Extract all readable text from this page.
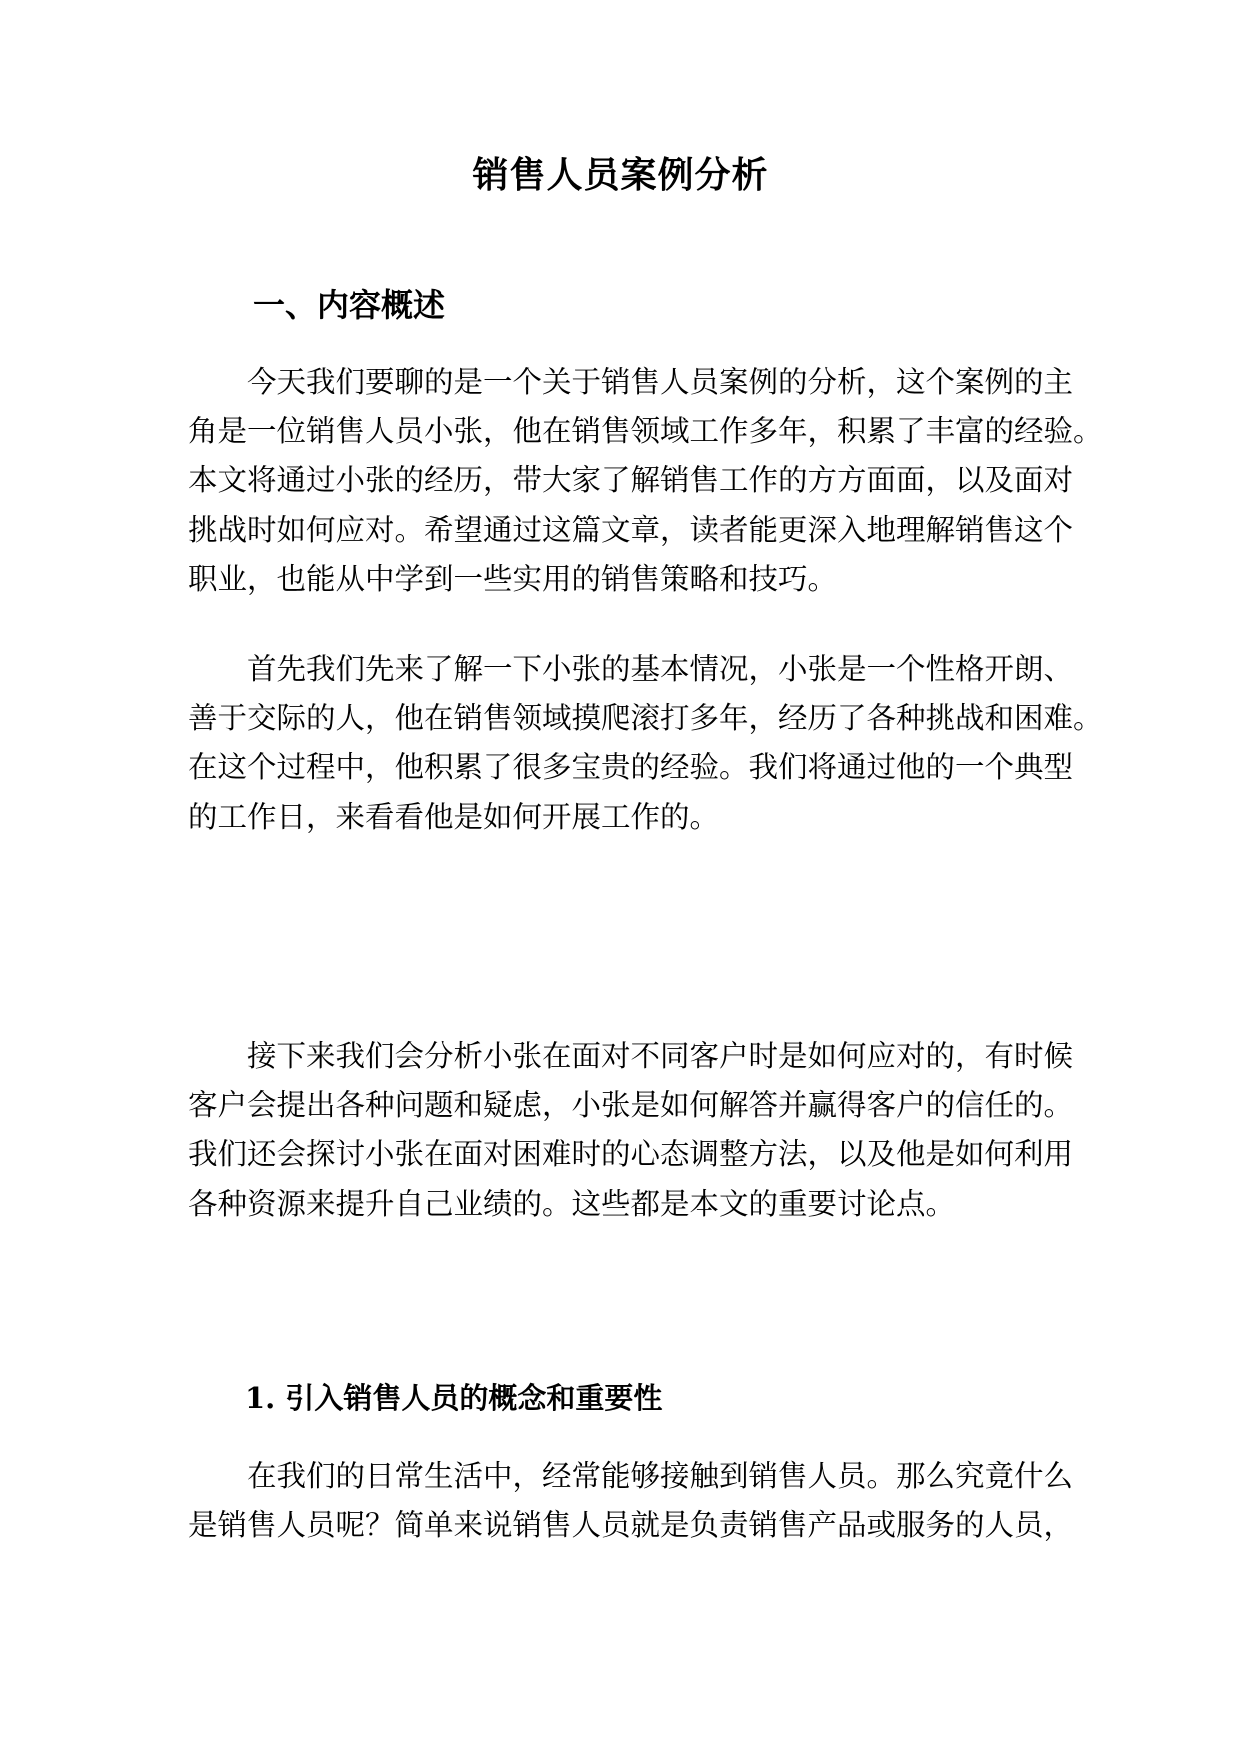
销售人员案例分析
一、内容概述

今天我们要聊的是一个关于销售人员案例的分析，这个案例的主

角是一位销售人员小张，他在销售领域工作多年，积累了丰富的经验。

本文将通过小张的经历，带大家了解销售工作的方方面面，以及面对

挑战时如何应对。希望通过这篇文章，读者能更深入地理解销售这个

职业，也能从中学到一些实用的销售策略和技巧。

首先我们先来了解一下小张的基本情况，小张是一个性格开朗、

善于交际的人，他在销售领域摸爬滚打多年，经历了各种挑战和困难。

在这个过程中，他积累了很多宝贵的经验。我们将通过他的一个典型

的工作日，来看看他是如何开展工作的。

接下来我们会分析小张在面对不同客户时是如何应对的，有时候

客户会提出各种问题和疑虑，小张是如何解答并赢得客户的信任的。

我们还会探讨小张在面对困难时的心态调整方法，以及他是如何利用

各种资源来提升自己业绩的。这些都是本文的重要讨论点。

1. 引入销售人员的概念和重要性

在我们的日常生活中，经常能够接触到销售人员。那么究竟什么

是销售人员呢？简单来说销售人员就是负责销售产品或服务的人员，
